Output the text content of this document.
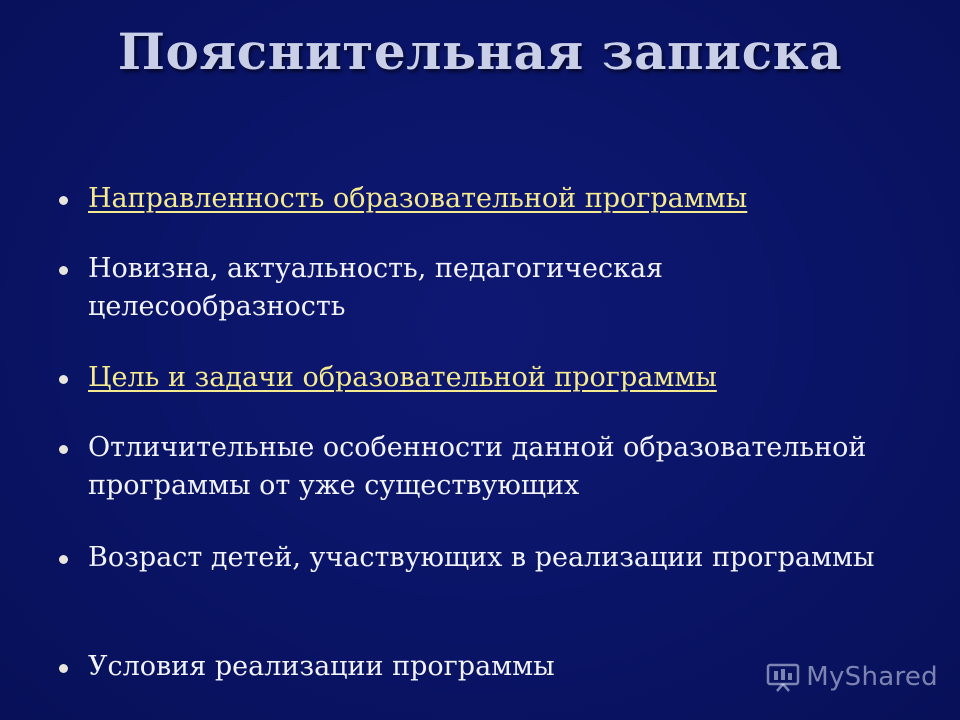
Пояснительная записка
Направленность образовательной программы
Новизна, актуальность, педагогическая целесообразность
Цель и задачи образовательной программы
Отличительные особенности данной образовательной программы от уже существующих
Возраст детей, участвующих в реализации программы
Условия реализации программы	MyShared
